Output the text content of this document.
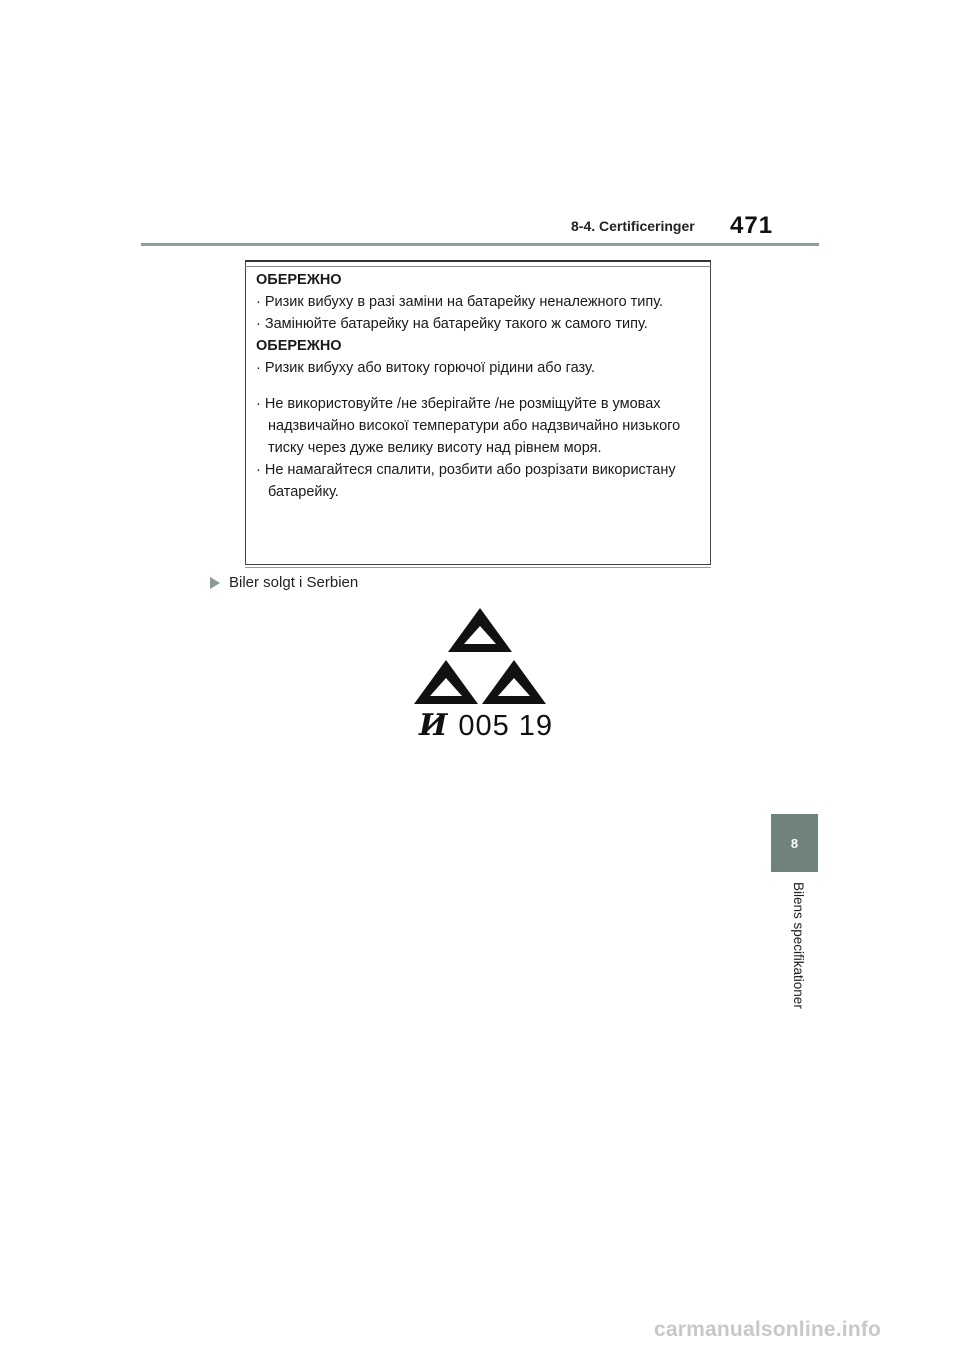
8-4. Certificeringer 471
ОБЕРЕЖНО
· Ризик вибуху в разі заміни на батарейку неналежного типу.
· Замінюйте батарейку на батарейку такого ж самого типу.
ОБЕРЕЖНО
· Ризик вибуху або витоку горючої рідини або газу.
· Не використовуйте /не зберігайте /не розміщуйте в умовах
надзвичайно високої температури або надзвичайно низького
тиску через дуже велику висоту над рівнем моря.
· Не намагайтеся спалити, розбити або розрізати використану
батарейку.
Biler solgt i Serbien
И 005 19
8
Bilens specifikationer
carmanualsonline.info
